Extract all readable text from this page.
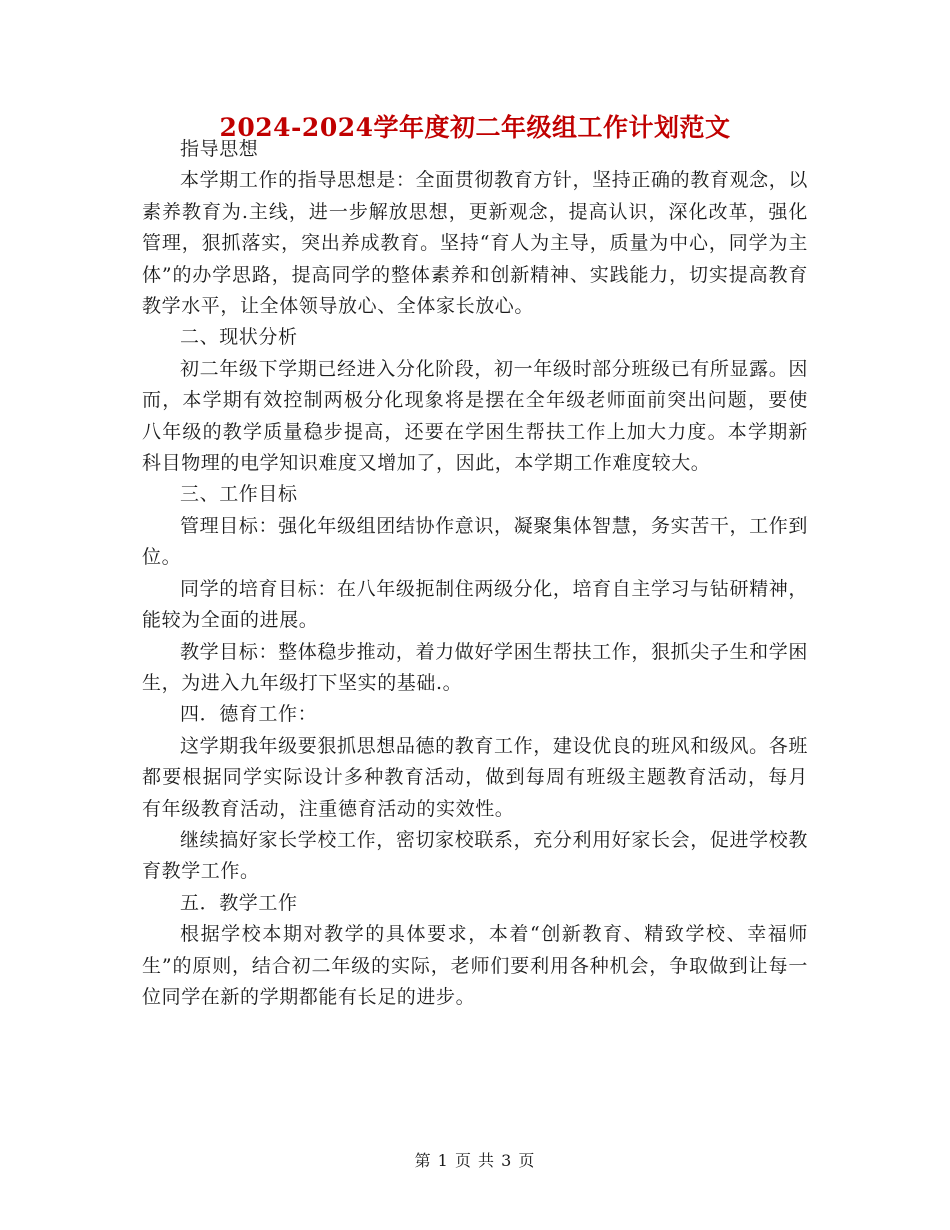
2024-2024学年度初二年级组工作计划范文

指导思想

本学期工作的指导思想是：全面贯彻教育方针，坚持正确的教育观念，以素养教育为.主线，进一步解放思想，更新观念，提高认识，深化改革，强化管理，狠抓落实，突出养成教育。坚持“育人为主导，质量为中心，同学为主体”的办学思路，提高同学的整体素养和创新精神、实践能力，切实提高教育教学水平，让全体领导放心、全体家长放心。

二、现状分析

初二年级下学期已经进入分化阶段，初一年级时部分班级已有所显露。因而，本学期有效控制两极分化现象将是摆在全年级老师面前突出问题，要使八年级的教学质量稳步提高，还要在学困生帮扶工作上加大力度。本学期新科目物理的电学知识难度又增加了，因此，本学期工作难度较大。

三、工作目标

管理目标：强化年级组团结协作意识，凝聚集体智慧，务实苦干，工作到位。

同学的培育目标：在八年级扼制住两级分化，培育自主学习与钻研精神，能较为全面的进展。

教学目标：整体稳步推动，着力做好学困生帮扶工作，狠抓尖子生和学困生，为进入九年级打下坚实的基础.。

四．德育工作：

这学期我年级要狠抓思想品德的教育工作，建设优良的班风和级风。各班都要根据同学实际设计多种教育活动，做到每周有班级主题教育活动，每月有年级教育活动，注重德育活动的实效性。

继续搞好家长学校工作，密切家校联系，充分利用好家长会，促进学校教育教学工作。

五．教学工作

根据学校本期对教学的具体要求，本着“创新教育、精致学校、幸福师生”的原则，结合初二年级的实际，老师们要利用各种机会，争取做到让每一位同学在新的学期都能有长足的进步。

第 1 页 共 3 页
